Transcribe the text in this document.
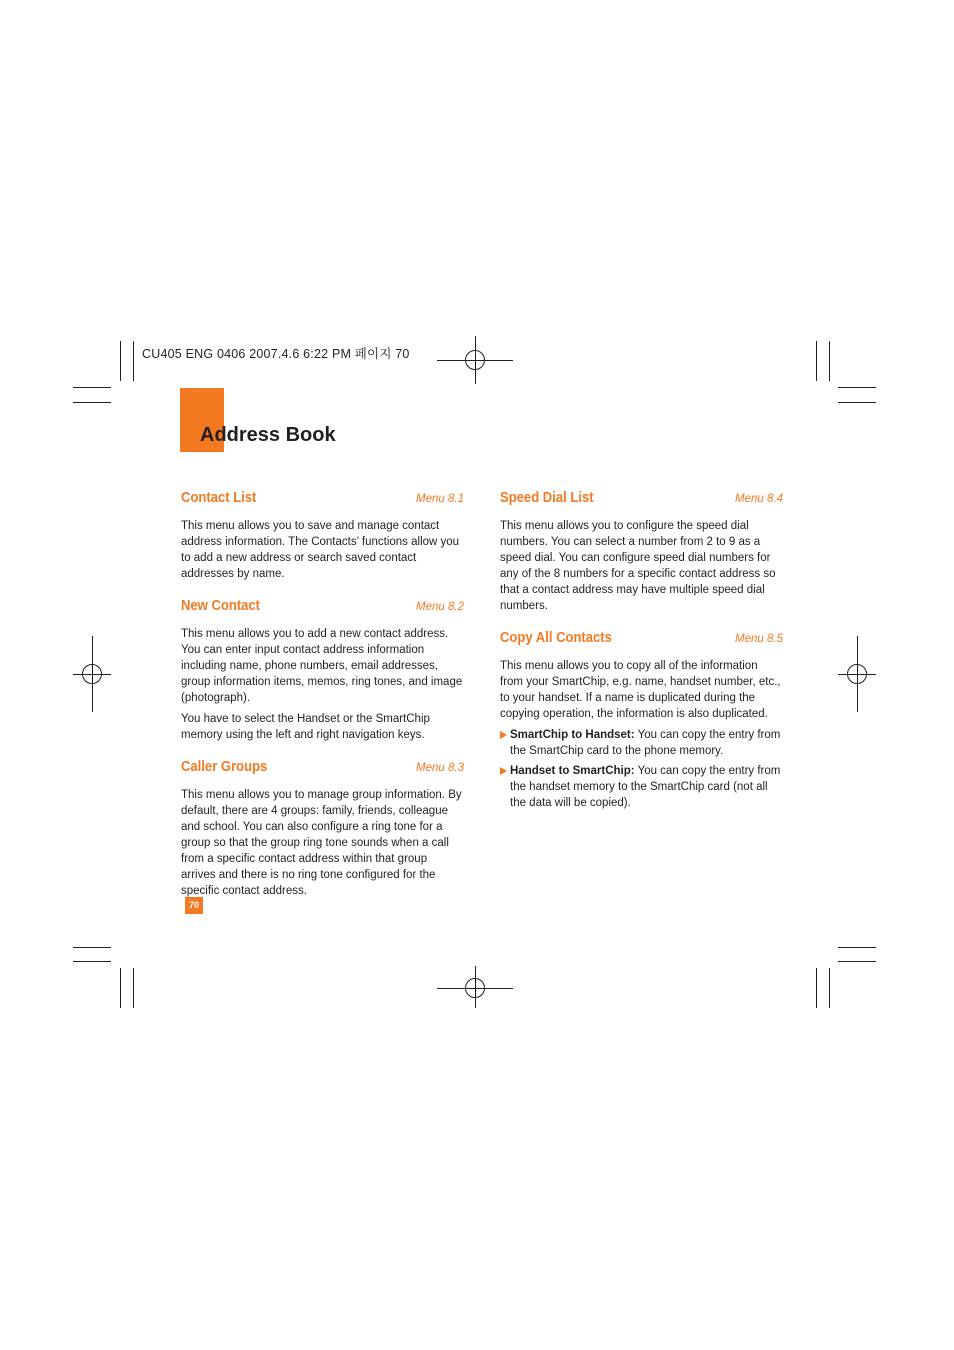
CU405 ENG 0406 2007.4.6 6:22 PM 페이지 70
Address Book
Contact List	Menu 8.1

This menu allows you to save and manage contact address information. The Contacts’ functions allow you to add a new address or search saved contact addresses by name.

New Contact	Menu 8.2

This menu allows you to add a new contact address. You can enter input contact address information including name, phone numbers, email addresses, group information items, memos, ring tones, and image (photograph).

You have to select the Handset or the SmartChip memory using the left and right navigation keys.

Caller Groups	Menu 8.3

This menu allows you to manage group information. By default, there are 4 groups: family, friends, colleague and school. You can also configure a ring tone for a group so that the group ring tone sounds when a call from a specific contact address within that group arrives and there is no ring tone configured for the specific contact address.

Speed Dial List	Menu 8.4

This menu allows you to configure the speed dial numbers. You can select a number from 2 to 9 as a speed dial. You can configure speed dial numbers for any of the 8 numbers for a specific contact address so that a contact address may have multiple speed dial numbers.

Copy All Contacts	Menu 8.5

This menu allows you to copy all of the information from your SmartChip, e.g. name, handset number, etc., to your handset. If a name is duplicated during the copying operation, the information is also duplicated.

SmartChip to Handset: You can copy the entry from the SmartChip card to the phone memory.
Handset to SmartChip: You can copy the entry from the handset memory to the SmartChip card (not all the data will be copied).
70
